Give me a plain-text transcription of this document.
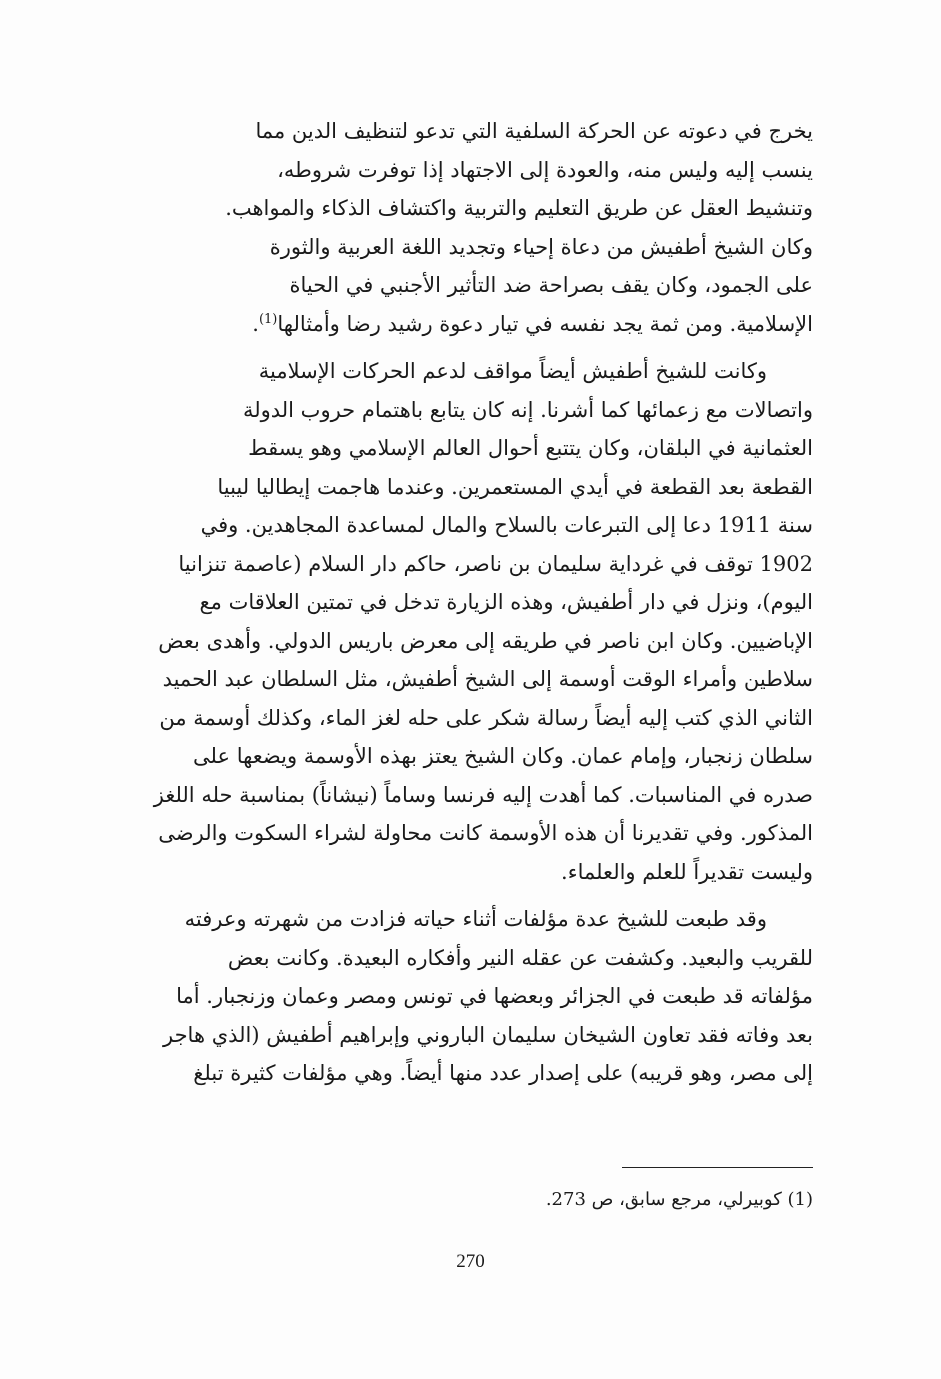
يخرج في دعوته عن الحركة السلفية التي تدعو لتنظيف الدين مما
ينسب إليه وليس منه، والعودة إلى الاجتهاد إذا توفرت شروطه،
وتنشيط العقل عن طريق التعليم والتربية واكتشاف الذكاء والمواهب.
وكان الشيخ أطفيش من دعاة إحياء وتجديد اللغة العربية والثورة
على الجمود، وكان يقف بصراحة ضد التأثير الأجنبي في الحياة
الإسلامية. ومن ثمة يجد نفسه في تيار دعوة رشيد رضا وأمثالها$^{(1)}$.

وكانت للشيخ أطفيش أيضاً مواقف لدعم الحركات الإسلامية
واتصالات مع زعمائها كما أشرنا. إنه كان يتابع باهتمام حروب الدولة
العثمانية في البلقان، وكان يتتبع أحوال العالم الإسلامي وهو يسقط
القطعة بعد القطعة في أيدي المستعمرين. وعندما هاجمت إيطاليا ليبيا
سنة 1911 دعا إلى التبرعات بالسلاح والمال لمساعدة المجاهدين. وفي
1902 توقف في غرداية سليمان بن ناصر، حاكم دار السلام (عاصمة تنزانيا
اليوم)، ونزل في دار أطفيش، وهذه الزيارة تدخل في تمتين العلاقات مع
الإباضيين. وكان ابن ناصر في طريقه إلى معرض باريس الدولي. وأهدى بعض
سلاطين وأمراء الوقت أوسمة إلى الشيخ أطفيش، مثل السلطان عبد الحميد
الثاني الذي كتب إليه أيضاً رسالة شكر على حله لغز الماء، وكذلك أوسمة من
سلطان زنجبار، وإمام عمان. وكان الشيخ يعتز بهذه الأوسمة ويضعها على
صدره في المناسبات. كما أهدت إليه فرنسا وساماً (نيشاناً) بمناسبة حله اللغز
المذكور. وفي تقديرنا أن هذه الأوسمة كانت محاولة لشراء السكوت والرضى
وليست تقديراً للعلم والعلماء.

وقد طبعت للشيخ عدة مؤلفات أثناء حياته فزادت من شهرته وعرفته
للقريب والبعيد. وكشفت عن عقله النير وأفكاره البعيدة. وكانت بعض
مؤلفاته قد طبعت في الجزائر وبعضها في تونس ومصر وعمان وزنجبار. أما
بعد وفاته فقد تعاون الشيخان سليمان الباروني وإبراهيم أطفيش (الذي هاجر
إلى مصر، وهو قريبه) على إصدار عدد منها أيضاً. وهي مؤلفات كثيرة تبلغ

(1) كوبيرلي، مرجع سابق، ص 273.

270
